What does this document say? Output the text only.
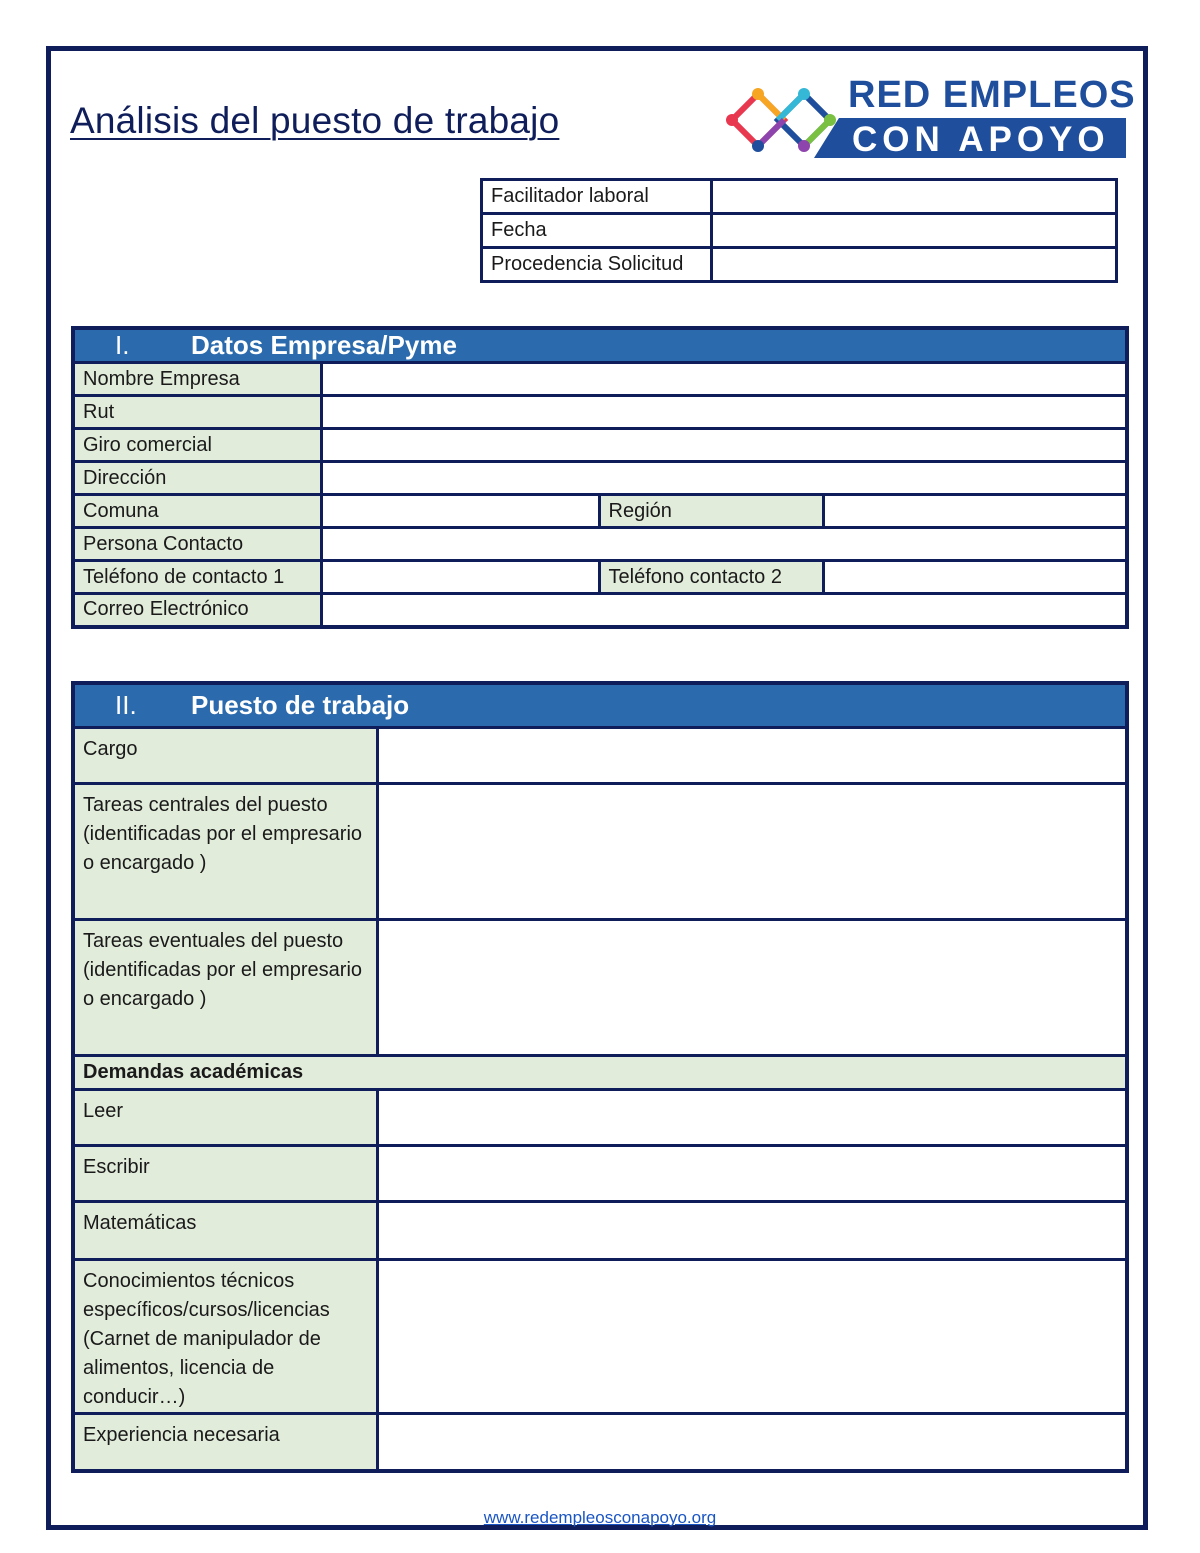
Análisis del puesto de trabajo
RED EMPLEOS
CON APOYO
Facilitador laboral	
Fecha	
Procedencia Solicitud	
I. Datos Empresa/Pyme			
Nombre Empresa			
Rut			
Giro comercial			
Dirección			
Comuna		Región	
Persona Contacto			
Teléfono de contacto 1		Teléfono contacto 2	
Correo Electrónico			
II. Puesto de trabajo	
Cargo	
Tareas centrales del puesto (identificadas por el empresario o encargado )	
Tareas eventuales del puesto (identificadas por el empresario o encargado )	
Demandas académicas	
Leer	
Escribir	
Matemáticas	
Conocimientos técnicos específicos/cursos/licencias (Carnet de manipulador de alimentos, licencia de conducir…)	
Experiencia necesaria	
www.redempleosconapoyo.org
